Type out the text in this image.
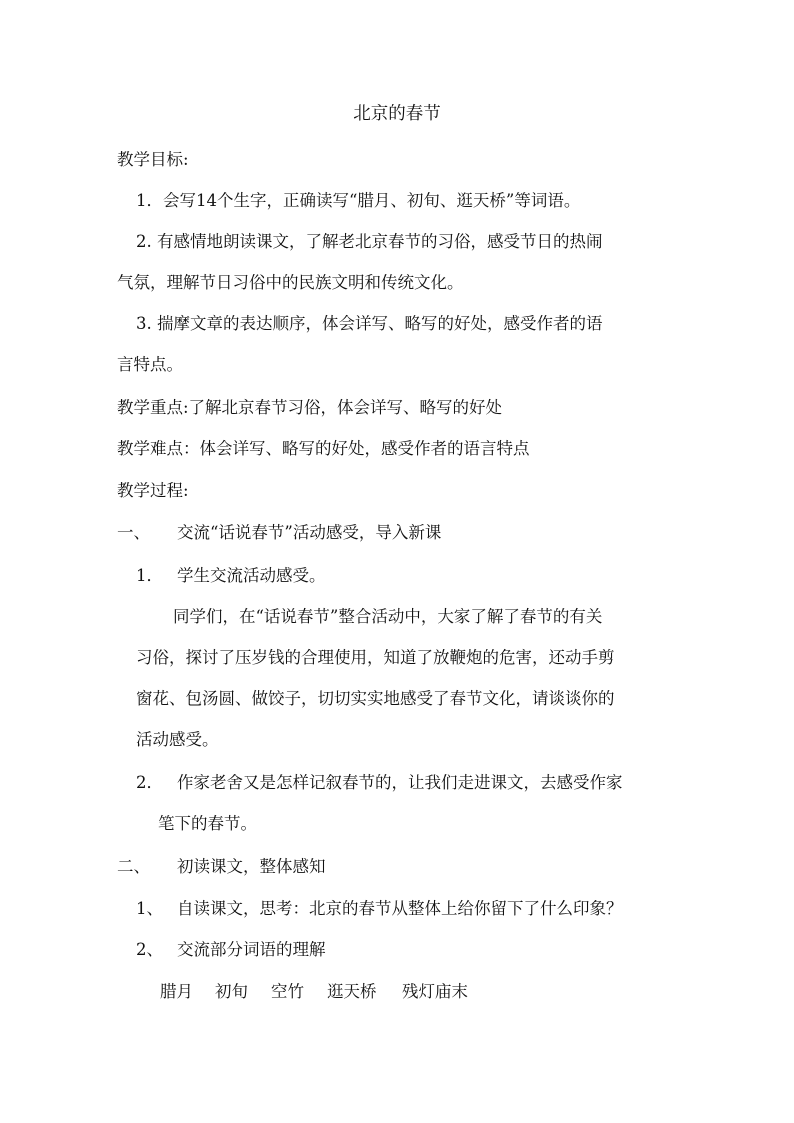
北京的春节
教学目标:
1．会写14个生字，正确读写“腊月、初旬、逛天桥”等词语。
2. 有感情地朗读课文，了解老北京春节的习俗，感受节日的热闹
气氛，理解节日习俗中的民族文明和传统文化。
3. 揣摩文章的表达顺序，体会详写、略写的好处，感受作者的语
言特点。
教学重点:了解北京春节习俗，体会详写、略写的好处
教学难点：体会详写、略写的好处，感受作者的语言特点
教学过程:
一、 交流“话说春节”活动感受，导入新课
1． 学生交流活动感受。
同学们，在“话说春节”整合活动中，大家了解了春节的有关
习俗，探讨了压岁钱的合理使用，知道了放鞭炮的危害，还动手剪
窗花、包汤圆、做饺子，切切实实地感受了春节文化，请谈谈你的
活动感受。
2． 作家老舍又是怎样记叙春节的，让我们走进课文，去感受作家
笔下的春节。
二、 初读课文，整体感知
1、 自读课文，思考：北京的春节从整体上给你留下了什么印象？
2、 交流部分词语的理解
腊月 初旬 空竹 逛天桥 残灯庙末
